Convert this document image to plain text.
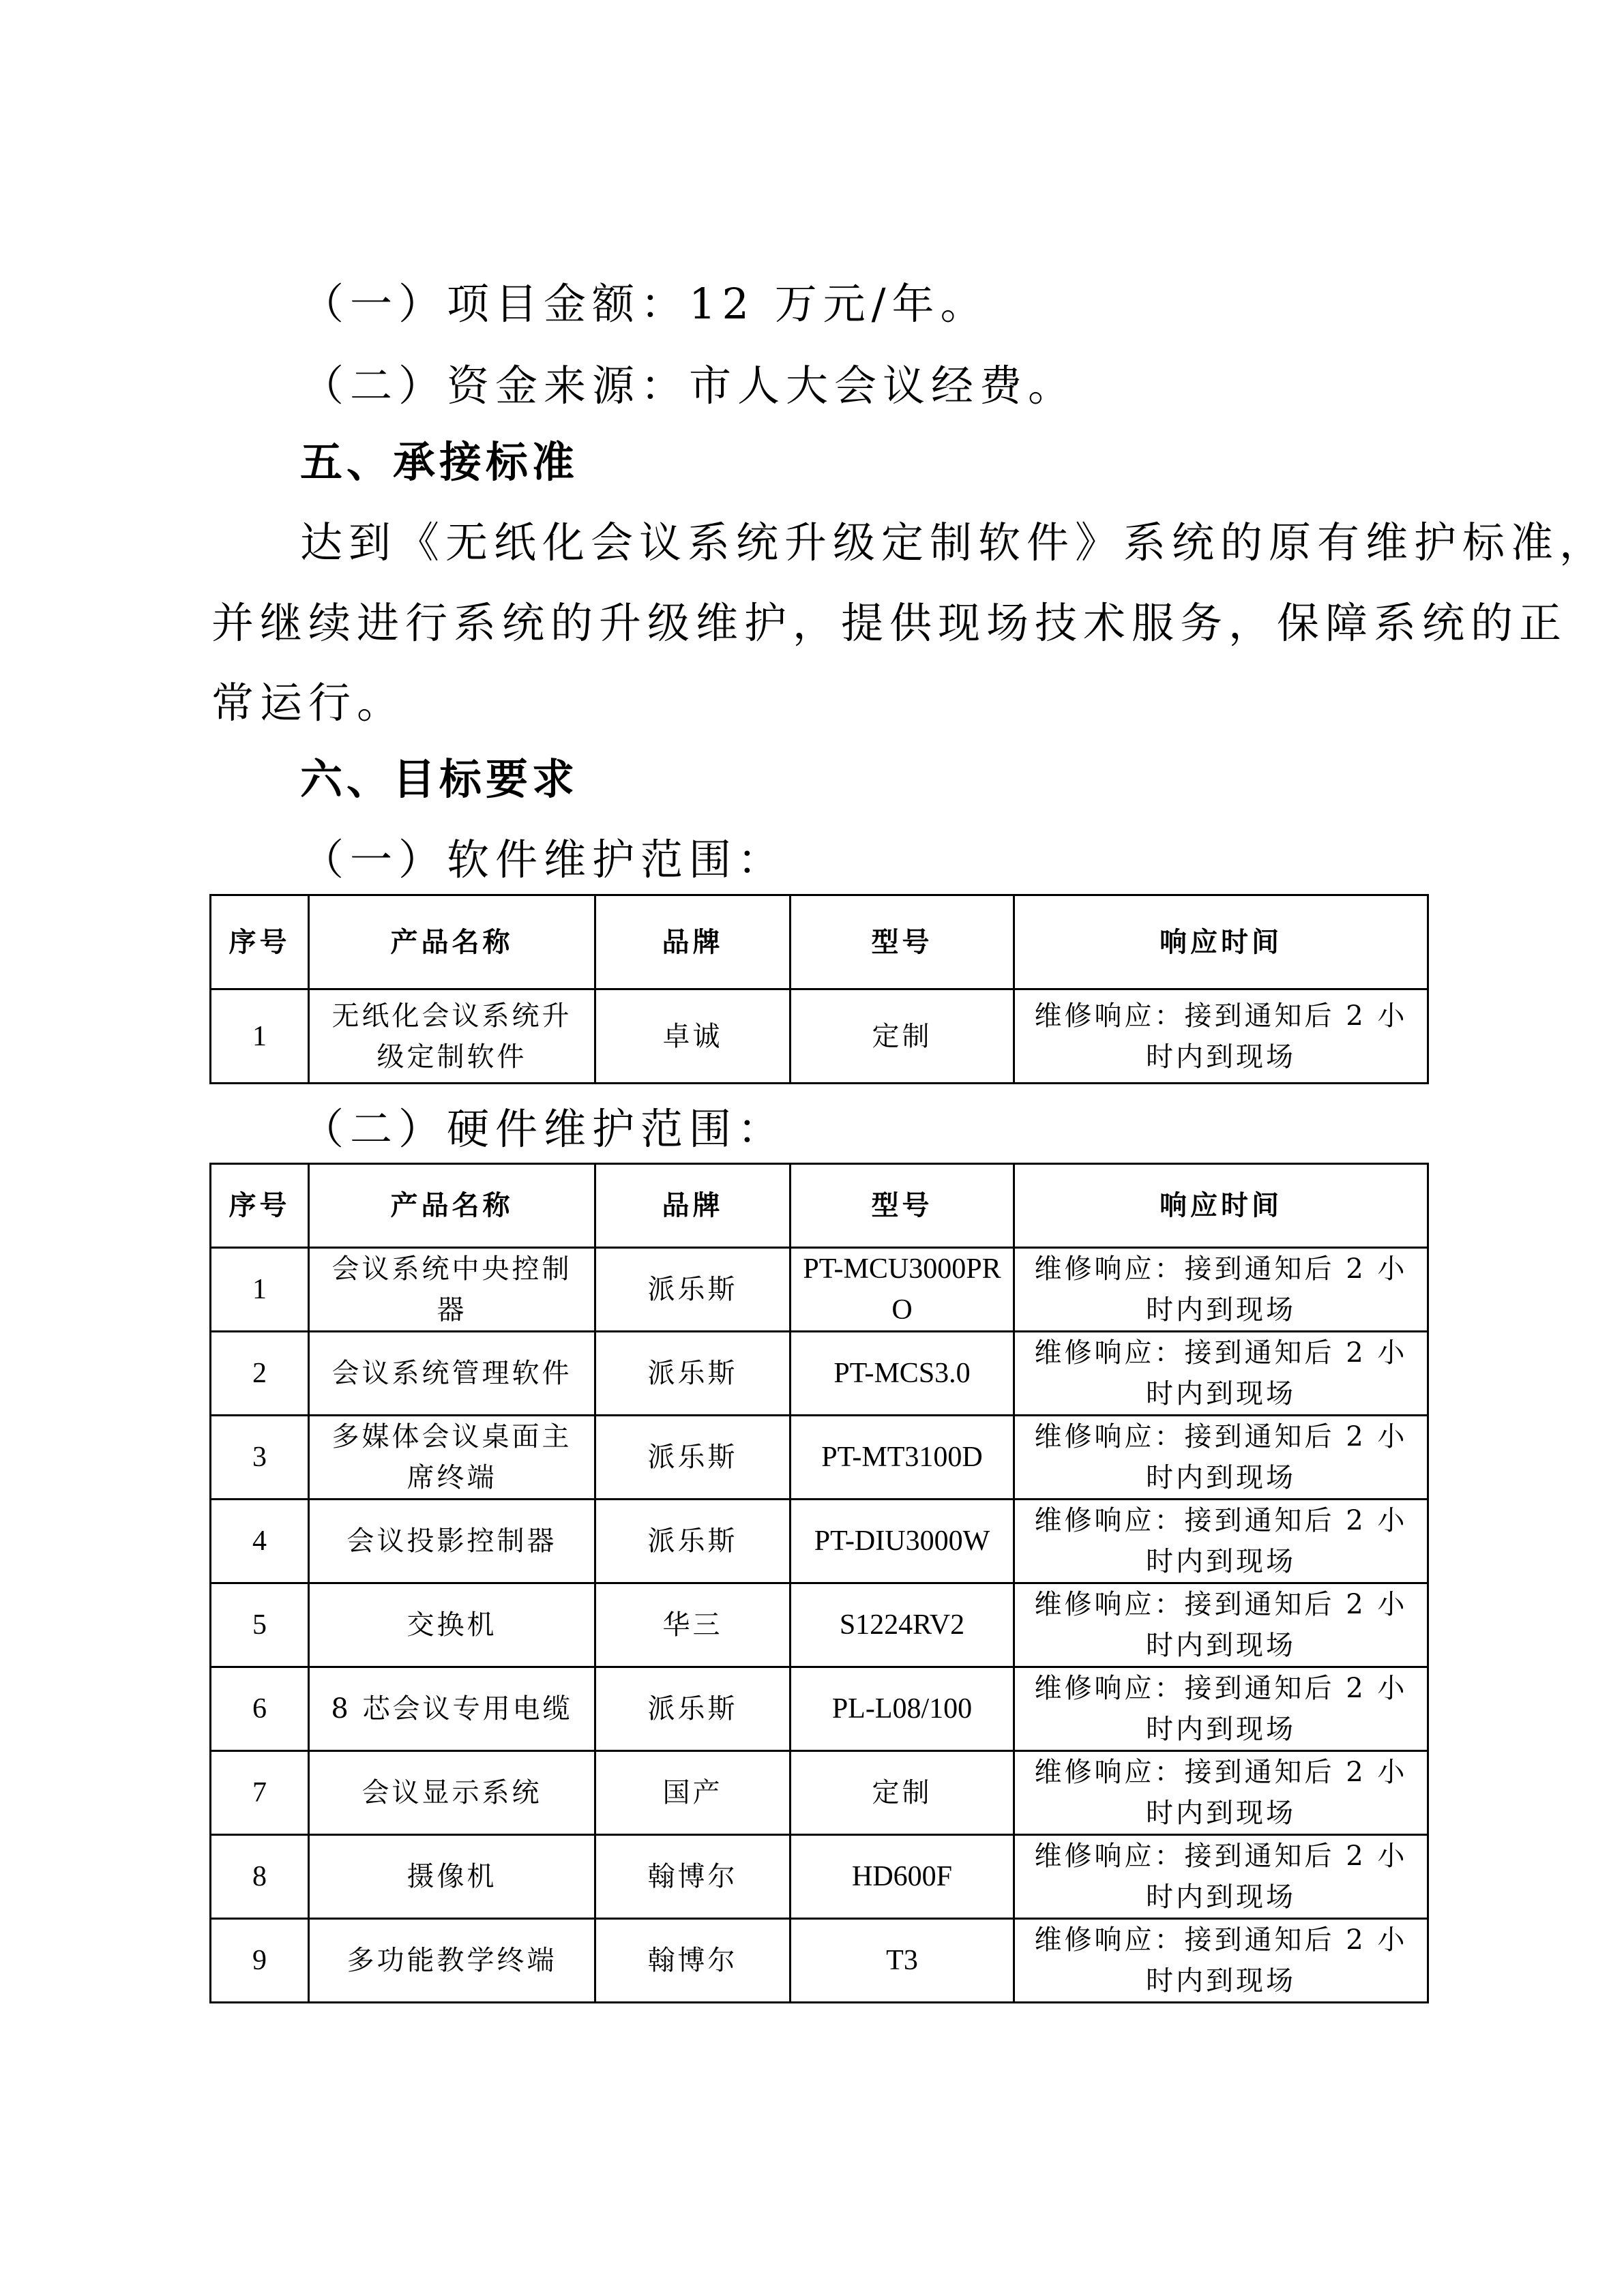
（一）项目金额：12 万元/年。

（二）资金来源：市人大会议经费。

五、承接标准

达到《无纸化会议系统升级定制软件》系统的原有维护标准，

并继续进行系统的升级维护，提供现场技术服务，保障系统的正

常运行。

六、目标要求

（一）软件维护范围：

序号	产品名称	品牌	型号	响应时间
1	无纸化会议系统升级定制软件	卓诚	定制	维修响应：接到通知后 2 小时内到现场

（二）硬件维护范围：

序号	产品名称	品牌	型号	响应时间
1	会议系统中央控制器	派乐斯	PT-MCU3000PRO	维修响应：接到通知后 2 小时内到现场
2	会议系统管理软件	派乐斯	PT-MCS3.0	维修响应：接到通知后 2 小时内到现场
3	多媒体会议桌面主席终端	派乐斯	PT-MT3100D	维修响应：接到通知后 2 小时内到现场
4	会议投影控制器	派乐斯	PT-DIU3000W	维修响应：接到通知后 2 小时内到现场
5	交换机	华三	S1224RV2	维修响应：接到通知后 2 小时内到现场
6	8 芯会议专用电缆	派乐斯	PL-L08/100	维修响应：接到通知后 2 小时内到现场
7	会议显示系统	国产	定制	维修响应：接到通知后 2 小时内到现场
8	摄像机	翰博尔	HD600F	维修响应：接到通知后 2 小时内到现场
9	多功能教学终端	翰博尔	T3	维修响应：接到通知后 2 小时内到现场
